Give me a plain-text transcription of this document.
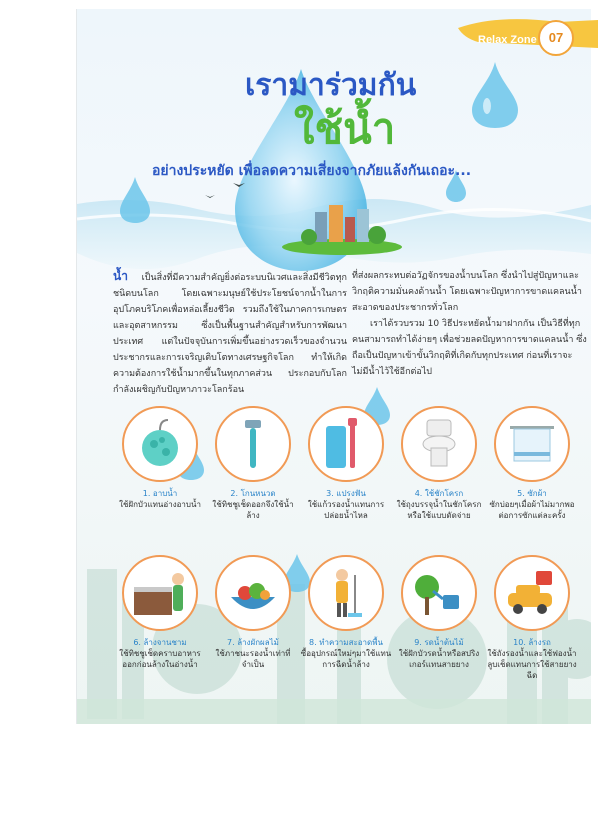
Relax Zone 07
เรามาร่วมกัน
ใช้น้ำ
อย่างประหยัด เพื่อลดความเสี่ยงจากภัยแล้งกันเถอะ...
น้ำ เป็นสิ่งที่มีความสำคัญยิ่งต่อระบบนิเวศและสิ่งมีชีวิตทุกชนิดบนโลก โดยเฉพาะมนุษย์ใช้ประโยชน์จากน้ำในการอุปโภคบริโภคเพื่อหล่อเลี้ยงชีวิต รวมถึงใช้ในภาคการเกษตรและอุตสาหกรรม ซึ่งเป็นพื้นฐานสำคัญสำหรับการพัฒนาประเทศ แต่ในปัจจุบันการเพิ่มขึ้นอย่างรวดเร็วของจำนวนประชากรและการเจริญเติบโตทางเศรษฐกิจโลก ทำให้เกิดความต้องการใช้น้ำมากขึ้นในทุกภาคส่วน ประกอบกับโลกกำลังเผชิญกับปัญหาภาวะโลกร้อน
ที่ส่งผลกระทบต่อวัฏจักรของน้ำบนโลก ซึ่งนำไปสู่ปัญหาและวิกฤติความมั่นคงด้านน้ำ โดยเฉพาะปัญหาการขาดแคลนน้ำสะอาดของประชากรทั่วโลก
เราได้รวบรวม 10 วิธีประหยัดน้ำมาฝากกัน เป็นวิธีที่ทุกคนสามารถทำได้ง่ายๆ เพื่อช่วยลดปัญหาการขาดแคลนน้ำ ซึ่งถือเป็นปัญหาเข้าขั้นวิกฤติที่เกิดกับทุกประเทศ ก่อนที่เราจะไม่มีน้ำไว้ใช้อีกต่อไป
1. อาบน้ำ
ใช้ฝักบัวแทนอ่างอาบน้ำ
2. โกนหนวด
ใช้ทิชชูเช็ดออกจึงใช้น้ำล้าง
3. แปรงฟัน
ใช้แก้วรองน้ำแทนการปล่อยน้ำไหล
4. ใช้ชักโครก
ใช้ถุงบรรจุน้ำในชักโครกหรือใช้แบบดัดจ่าย
5. ซักผ้า
ซักบ่อยๆเมื่อผ้าไม่มากพอ ต่อการซักแต่ละครั้ง
6. ล้างจานชาม
ใช้ทิชชูเช็ดคราบอาหารออกก่อนล้างในอ่างน้ำ
7. ล้างผักผลไม้
ใช้ภาชนะรองน้ำเท่าที่จำเป็น
8. ทำความสะอาดพื้น
ซื้ออุปกรณ์ใหม่ๆมาใช้แทนการฉีดน้ำล้าง
9. รดน้ำต้นไม้
ใช้ฝักบัวรดน้ำหรือสปริงเกอร์แทนสายยาง
10. ล้างรถ
ใช้ถังรองน้ำและใช้ฟองน้ำลูบเช็ดแทนการใช้สายยางฉีด
